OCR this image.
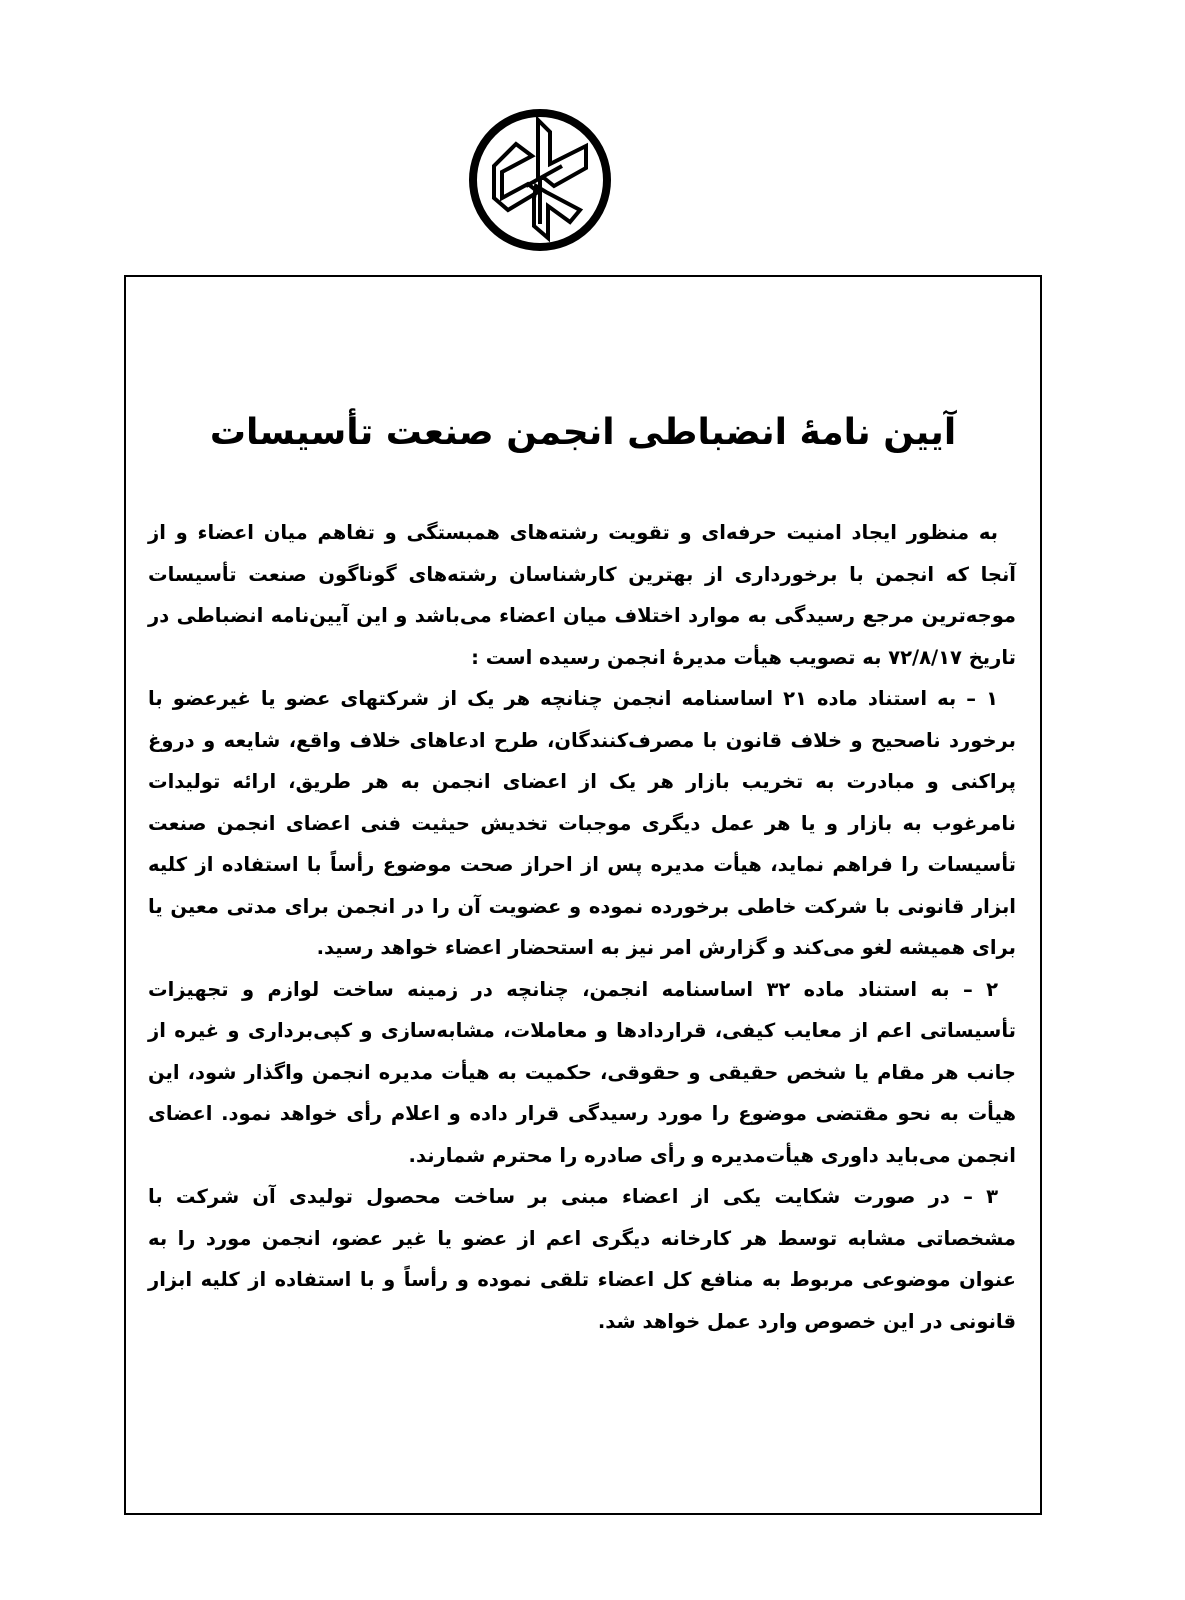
آیین نامهٔ انضباطی انجمن صنعت تأسیسات

به منظور ایجاد امنیت حرفه‌ای و تقویت رشته‌های همبستگی و تفاهم میان اعضاء و از آنجا که انجمن با برخورداری از بهترین کارشناسان رشته‌های گوناگون صنعت تأسیسات موجه‌ترین مرجع رسیدگی به موارد اختلاف میان اعضاء می‌باشد و این آیین‌نامه انضباطی در تاریخ ۷۲/۸/۱۷ به تصویب هیأت مدیرهٔ انجمن رسیده است :

۱ – به استناد ماده ۲۱ اساسنامه انجمن چنانچه هر یک از شرکتهای عضو یا غیرعضو با برخورد ناصحیح و خلاف قانون با مصرف‌کنندگان، طرح ادعاهای خلاف واقع، شایعه و دروغ پراکنی و مبادرت به تخریب بازار هر یک از اعضای انجمن به هر طریق، ارائه تولیدات نامرغوب به بازار و یا هر عمل دیگری موجبات تخدیش حیثیت فنی اعضای انجمن صنعت تأسیسات را فراهم نماید، هیأت مدیره پس از احراز صحت موضوع رأساً با استفاده از کلیه ابزار قانونی با شرکت خاطی برخورده نموده و عضویت آن را در انجمن برای مدتی معین یا برای همیشه لغو می‌کند و گزارش امر نیز به استحضار اعضاء خواهد رسید.

۲ – به استناد ماده ۳۲ اساسنامه انجمن، چنانچه در زمینه ساخت لوازم و تجهیزات تأسیساتی اعم از معایب کیفی، قراردادها و معاملات، مشابه‌سازی و کپی‌برداری و غیره از جانب هر مقام یا شخص حقیقی و حقوقی، حکمیت به هیأت مدیره انجمن واگذار شود، این هیأت به نحو مقتضی موضوع را مورد رسیدگی قرار داده و اعلام رأی خواهد نمود. اعضای انجمن می‌باید داوری هیأت‌مدیره و رأی صادره را محترم شمارند.

۳ – در صورت شکایت یکی از اعضاء مبنی بر ساخت محصول تولیدی آن شرکت با مشخصاتی مشابه توسط هر کارخانه دیگری اعم از عضو یا غیر عضو، انجمن مورد را به عنوان موضوعی مربوط به منافع کل اعضاء تلقی نموده و رأساً و با استفاده از کلیه ابزار قانونی در این خصوص وارد عمل خواهد شد.
